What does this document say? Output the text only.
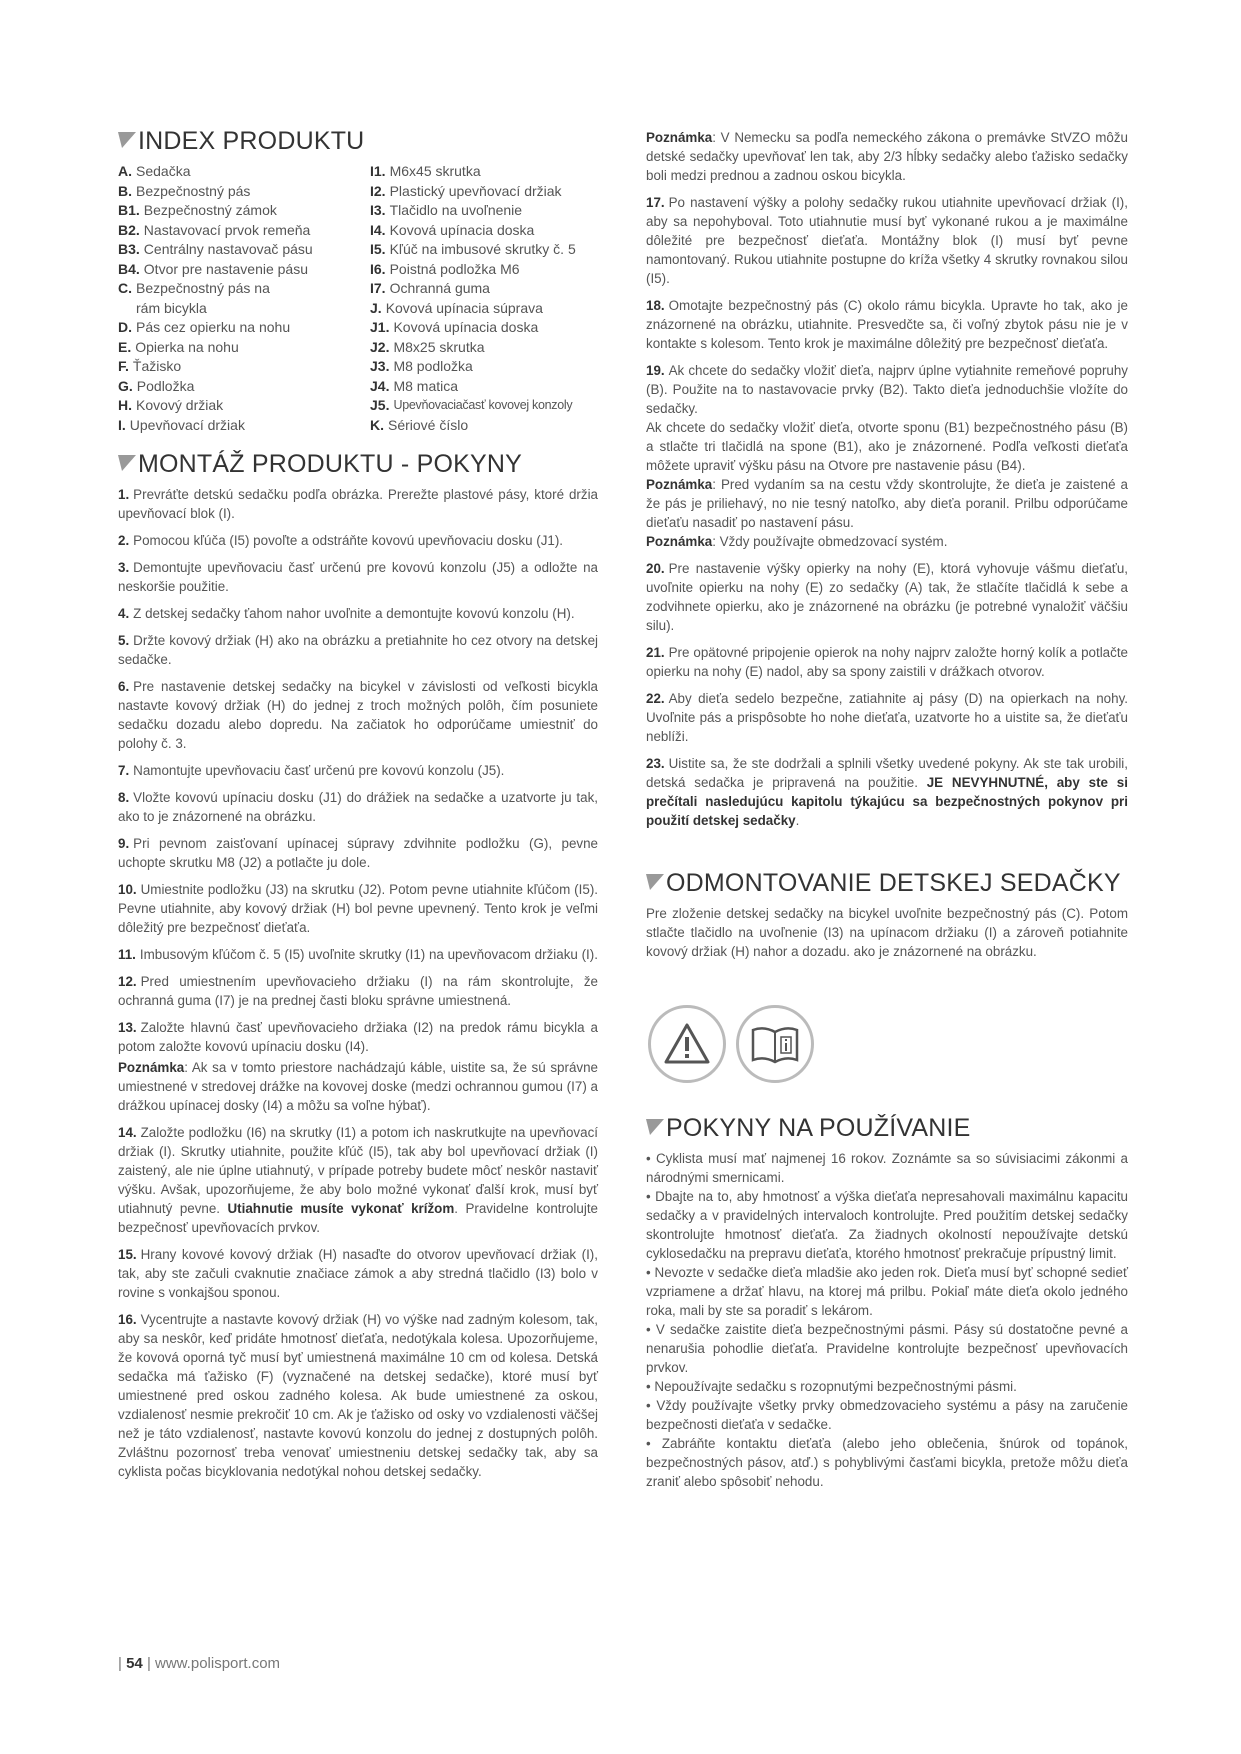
INDEX PRODUKTU
A. Sedačka
B. Bezpečnostný pás
B1. Bezpečnostný zámok
B2. Nastavovací prvok remeňa
B3. Centrálny nastavovač pásu
B4. Otvor pre nastavenie pásu
C. Bezpečnostný pás na rám bicykla
D. Pás cez opierku na nohu
E. Opierka na nohu
F. Ťažisko
G. Podložka
H. Kovový držiak
I. Upevňovací držiak
I1. M6x45 skrutka
I2. Plastický upevňovací držiak
I3. Tlačidlo na uvoľnenie
I4. Kovová upínacia doska
I5. Kľúč na imbusové skrutky č. 5
I6. Poistná podložka M6
I7. Ochranná guma
J. Kovová upínacia súprava
J1. Kovová upínacia doska
J2. M8x25 skrutka
J3. M8 podložka
J4. M8 matica
J5. Upevňovaciačasť kovovej konzoly
K. Sériové číslo
MONTÁŽ PRODUKTU - POKYNY

1. Prevráťte detskú sedačku podľa obrázka. Prerežte plastové pásy, ktoré držia upevňovací blok (I).

2. Pomocou kľúča (I5) povoľte a odstráňte kovovú upevňovaciu dosku (J1).

3. Demontujte upevňovaciu časť určenú pre kovovú konzolu (J5) a odložte na neskoršie použitie.

4. Z detskej sedačky ťahom nahor uvoľnite a demontujte kovovú konzolu (H).

5. Držte kovový držiak (H) ako na obrázku a pretiahnite ho cez otvory na detskej sedačke.

6. Pre nastavenie detskej sedačky na bicykel v závislosti od veľkosti bicykla nastavte kovový držiak (H) do jednej z troch možných polôh, čím posuniete sedačku dozadu alebo dopredu. Na začiatok ho odporúčame umiestniť do polohy č. 3.

7. Namontujte upevňovaciu časť určenú pre kovovú konzolu (J5).

8. Vložte kovovú upínaciu dosku (J1) do drážiek na sedačke a uzatvorte ju tak, ako to je znázornené na obrázku.

9. Pri pevnom zaisťovaní upínacej súpravy zdvihnite podložku (G), pevne uchopte skrutku M8 (J2) a potlačte ju dole.

10. Umiestnite podložku (J3) na skrutku (J2). Potom pevne utiahnite kľúčom (I5). Pevne utiahnite, aby kovový držiak (H) bol pevne upevnený. Tento krok je veľmi dôležitý pre bezpečnosť dieťaťa.

11. Imbusovým kľúčom č. 5 (I5) uvoľnite skrutky (I1) na upevňovacom držiaku (I).

12. Pred umiestnením upevňovacieho držiaku (I) na rám skontrolujte, že ochranná guma (I7) je na prednej časti bloku správne umiestnená.

13. Založte hlavnú časť upevňovacieho držiaka (I2) na predok rámu bicykla a potom založte kovovú upínaciu dosku (I4).

Poznámka: Ak sa v tomto priestore nachádzajú káble, uistite sa, že sú správne umiestnené v stredovej drážke na kovovej doske (medzi ochrannou gumou (I7) a drážkou upínacej dosky (I4) a môžu sa voľne hýbať).

14. Založte podložku (I6) na skrutky (I1) a potom ich naskrutkujte na upevňovací držiak (I). Skrutky utiahnite, použite kľúč (I5), tak aby bol upevňovací držiak (I) zaistený, ale nie úplne utiahnutý, v prípade potreby budete môcť neskôr nastaviť výšku. Avšak, upozorňujeme, že aby bolo možné vykonať ďalší krok, musí byť utiahnutý pevne. Utiahnutie musíte vykonať krížom. Pravidelne kontrolujte bezpečnosť upevňovacích prvkov.

15. Hrany kovové kovový držiak (H) nasaďte do otvorov upevňovací držiak (I), tak, aby ste začuli cvaknutie značiace zámok a aby stredná tlačidlo (I3) bolo v rovine s vonkajšou sponou.

16. Vycentrujte a nastavte kovový držiak (H) vo výške nad zadným kolesom, tak, aby sa neskôr, keď pridáte hmotnosť dieťaťa, nedotýkala kolesa. Upozorňujeme, že kovová oporná tyč musí byť umiestnená maximálne 10 cm od kolesa. Detská sedačka má ťažisko (F) (vyznačené na detskej sedačke), ktoré musí byť umiestnené pred oskou zadného kolesa. Ak bude umiestnené za oskou, vzdialenosť nesmie prekročiť 10 cm. Ak je ťažisko od osky vo vzdialenosti väčšej než je táto vzdialenosť, nastavte kovovú konzolu do jednej z dostupných polôh. Zvláštnu pozornosť treba venovať umiestneniu detskej sedačky tak, aby sa cyklista počas bicyklovania nedotýkal nohou detskej sedačky.

Poznámka: V Nemecku sa podľa nemeckého zákona o premávke StVZO môžu detské sedačky upevňovať len tak, aby 2/3 hĺbky sedačky alebo ťažisko sedačky boli medzi prednou a zadnou oskou bicykla.

17. Po nastavení výšky a polohy sedačky rukou utiahnite upevňovací držiak (I), aby sa nepohyboval. Toto utiahnutie musí byť vykonané rukou a je maximálne dôležité pre bezpečnosť dieťaťa. Montážny blok (I) musí byť pevne namontovaný. Rukou utiahnite postupne do kríža všetky 4 skrutky rovnakou silou (I5).

18. Omotajte bezpečnostný pás (C) okolo rámu bicykla. Upravte ho tak, ako je znázornené na obrázku, utiahnite. Presvedčte sa, či voľný zbytok pásu nie je v kontakte s kolesom. Tento krok je maximálne dôležitý pre bezpečnosť dieťaťa.

19. Ak chcete do sedačky vložiť dieťa, najprv úplne vytiahnite remeňové popruhy (B). Použite na to nastavovacie prvky (B2). Takto dieťa jednoduchšie vložíte do sedačky.

Ak chcete do sedačky vložiť dieťa, otvorte sponu (B1) bezpečnostného pásu (B) a stlačte tri tlačidlá na spone (B1), ako je znázornené. Podľa veľkosti dieťaťa môžete upraviť výšku pásu na Otvore pre nastavenie pásu (B4).

Poznámka: Pred vydaním sa na cestu vždy skontrolujte, že dieťa je zaistené a že pás je priliehavý, no nie tesný natoľko, aby dieťa poranil. Prilbu odporúčame dieťaťu nasadiť po nastavení pásu.

Poznámka: Vždy používajte obmedzovací systém.

20. Pre nastavenie výšky opierky na nohy (E), ktorá vyhovuje vášmu dieťaťu, uvoľnite opierku na nohy (E) zo sedačky (A) tak, že stlačíte tlačidlá k sebe a zodvihnete opierku, ako je znázornené na obrázku (je potrebné vynaložiť väčšiu silu).

21. Pre opätovné pripojenie opierok na nohy najprv založte horný kolík a potlačte opierku na nohy (E) nadol, aby sa spony zaistili v drážkach otvorov.

22. Aby dieťa sedelo bezpečne, zatiahnite aj pásy (D) na opierkach na nohy. Uvoľnite pás a prispôsobte ho nohe dieťaťa, uzatvorte ho a uistite sa, že dieťaťu neblíži.

23. Uistite sa, že ste dodržali a splnili všetky uvedené pokyny. Ak ste tak urobili, detská sedačka je pripravená na použitie. JE NEVYHNUTNÉ, aby ste si prečítali nasledujúcu kapitolu týkajúcu sa bezpečnostných pokynov pri použití detskej sedačky.

ODMONTOVANIE DETSKEJ SEDAČKY

Pre zloženie detskej sedačky na bicykel uvoľnite bezpečnostný pás (C). Potom stlačte tlačidlo na uvoľnenie (I3) na upínacom držiaku (I) a zároveň potiahnite kovový držiak (H) nahor a dozadu. ako je znázornené na obrázku.

POKYNY NA POUŽÍVANIE

• Cyklista musí mať najmenej 16 rokov. Zoznámte sa so súvisiacimi zákonmi a národnými smernicami.

• Dbajte na to, aby hmotnosť a výška dieťaťa nepresahovali maximálnu kapacitu sedačky a v pravidelných intervaloch kontrolujte. Pred použitím detskej sedačky skontrolujte hmotnosť dieťaťa. Za žiadnych okolností nepoužívajte detskú cyklosedačku na prepravu dieťaťa, ktorého hmotnosť prekračuje prípustný limit.

• Nevozte v sedačke dieťa mladšie ako jeden rok. Dieťa musí byť schopné sedieť vzpriamene a držať hlavu, na ktorej má prilbu. Pokiaľ máte dieťa okolo jedného roka, mali by ste sa poradiť s lekárom.

• V sedačke zaistite dieťa bezpečnostnými pásmi. Pásy sú dostatočne pevné a nenarušia pohodlie dieťaťa. Pravidelne kontrolujte bezpečnosť upevňovacích prvkov.

• Nepoužívajte sedačku s rozopnutými bezpečnostnými pásmi.

• Vždy používajte všetky prvky obmedzovacieho systému a pásy na zaručenie bezpečnosti dieťaťa v sedačke.

• Zabráňte kontaktu dieťaťa (alebo jeho oblečenia, šnúrok od topánok, bezpečnostných pásov, atď.) s pohyblivými časťami bicykla, pretože môžu dieťa zraniť alebo spôsobiť nehodu.

| 54 | www.polisport.com
